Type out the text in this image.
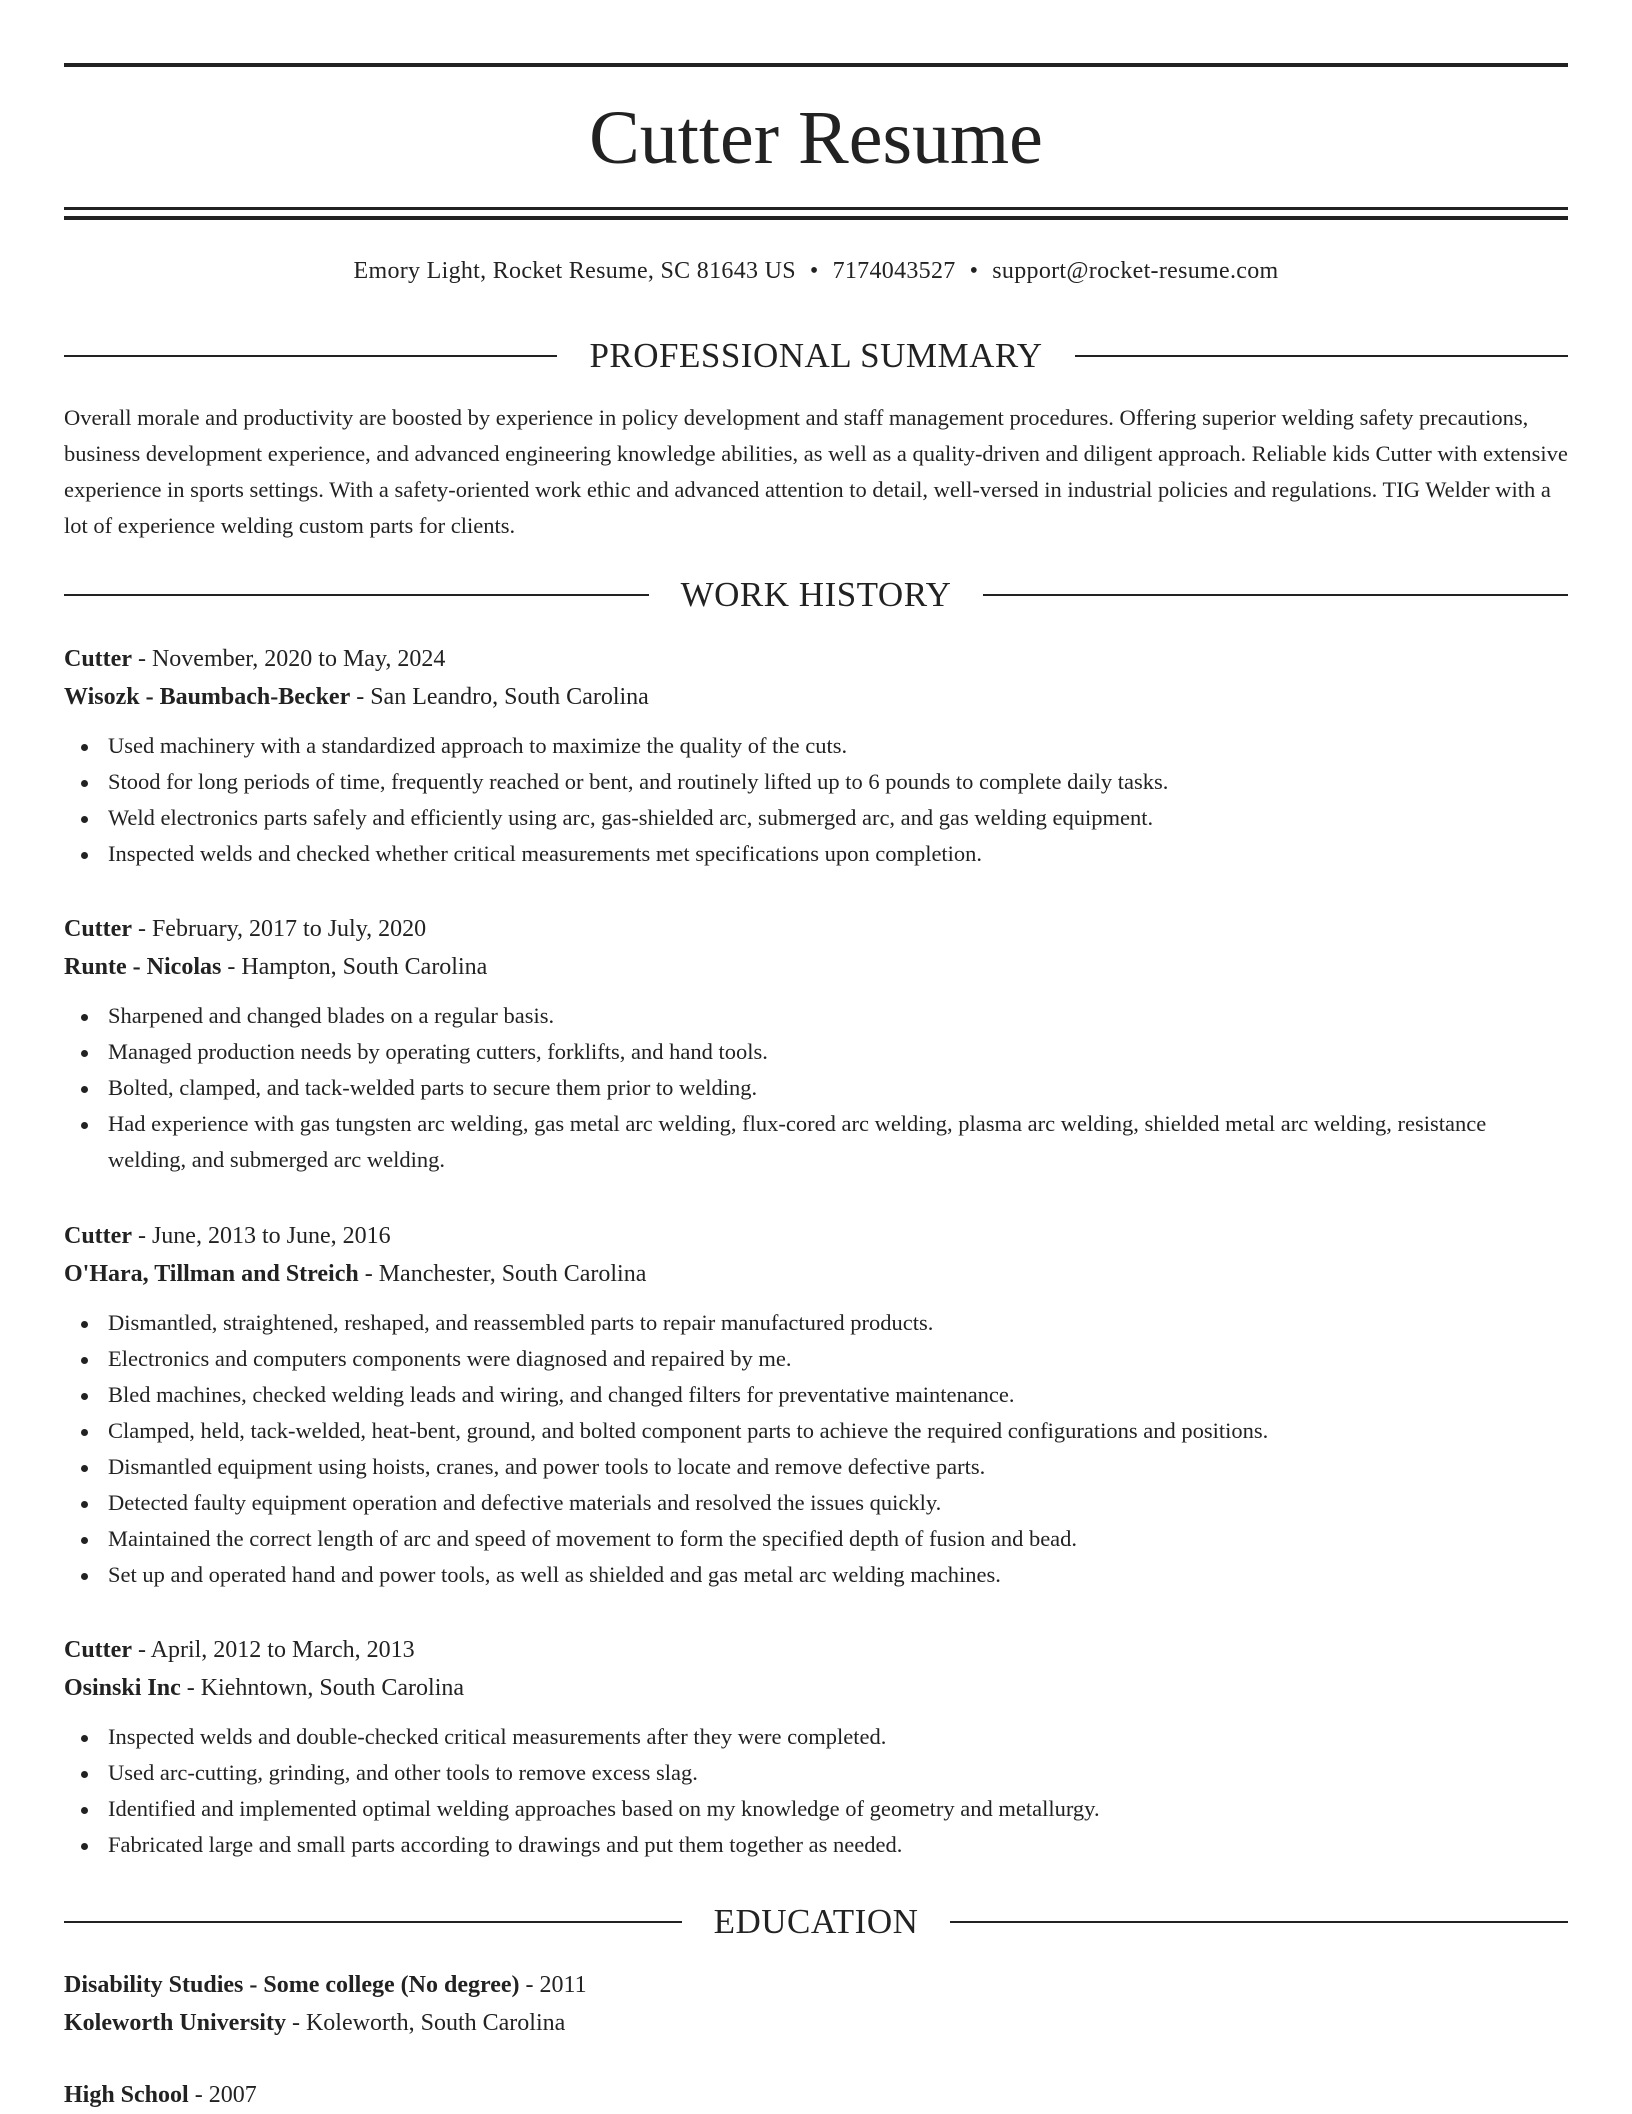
Cutter Resume
Emory Light, Rocket Resume, SC 81643 US • 7174043527 • support@rocket-resume.com
PROFESSIONAL SUMMARY

Overall morale and productivity are boosted by experience in policy development and staff management procedures. Offering superior welding safety precautions, business development experience, and advanced engineering knowledge abilities, as well as a quality-driven and diligent approach. Reliable kids Cutter with extensive experience in sports settings. With a safety-oriented work ethic and advanced attention to detail, well-versed in industrial policies and regulations. TIG Welder with a lot of experience welding custom parts for clients.

WORK HISTORY
Cutter - November, 2020 to May, 2024
Wisozk - Baumbach-Becker - San Leandro, South Carolina
Used machinery with a standardized approach to maximize the quality of the cuts.
Stood for long periods of time, frequently reached or bent, and routinely lifted up to 6 pounds to complete daily tasks.
Weld electronics parts safely and efficiently using arc, gas-shielded arc, submerged arc, and gas welding equipment.
Inspected welds and checked whether critical measurements met specifications upon completion.
Cutter - February, 2017 to July, 2020
Runte - Nicolas - Hampton, South Carolina
Sharpened and changed blades on a regular basis.
Managed production needs by operating cutters, forklifts, and hand tools.
Bolted, clamped, and tack-welded parts to secure them prior to welding.
Had experience with gas tungsten arc welding, gas metal arc welding, flux-cored arc welding, plasma arc welding, shielded metal arc welding, resistance welding, and submerged arc welding.
Cutter - June, 2013 to June, 2016
O'Hara, Tillman and Streich - Manchester, South Carolina
Dismantled, straightened, reshaped, and reassembled parts to repair manufactured products.
Electronics and computers components were diagnosed and repaired by me.
Bled machines, checked welding leads and wiring, and changed filters for preventative maintenance.
Clamped, held, tack-welded, heat-bent, ground, and bolted component parts to achieve the required configurations and positions.
Dismantled equipment using hoists, cranes, and power tools to locate and remove defective parts.
Detected faulty equipment operation and defective materials and resolved the issues quickly.
Maintained the correct length of arc and speed of movement to form the specified depth of fusion and bead.
Set up and operated hand and power tools, as well as shielded and gas metal arc welding machines.
Cutter - April, 2012 to March, 2013
Osinski Inc - Kiehntown, South Carolina
Inspected welds and double-checked critical measurements after they were completed.
Used arc-cutting, grinding, and other tools to remove excess slag.
Identified and implemented optimal welding approaches based on my knowledge of geometry and metallurgy.
Fabricated large and small parts according to drawings and put them together as needed.
EDUCATION
Disability Studies - Some college (No degree) - 2011
Koleworth University - Koleworth, South Carolina
High School - 2007
